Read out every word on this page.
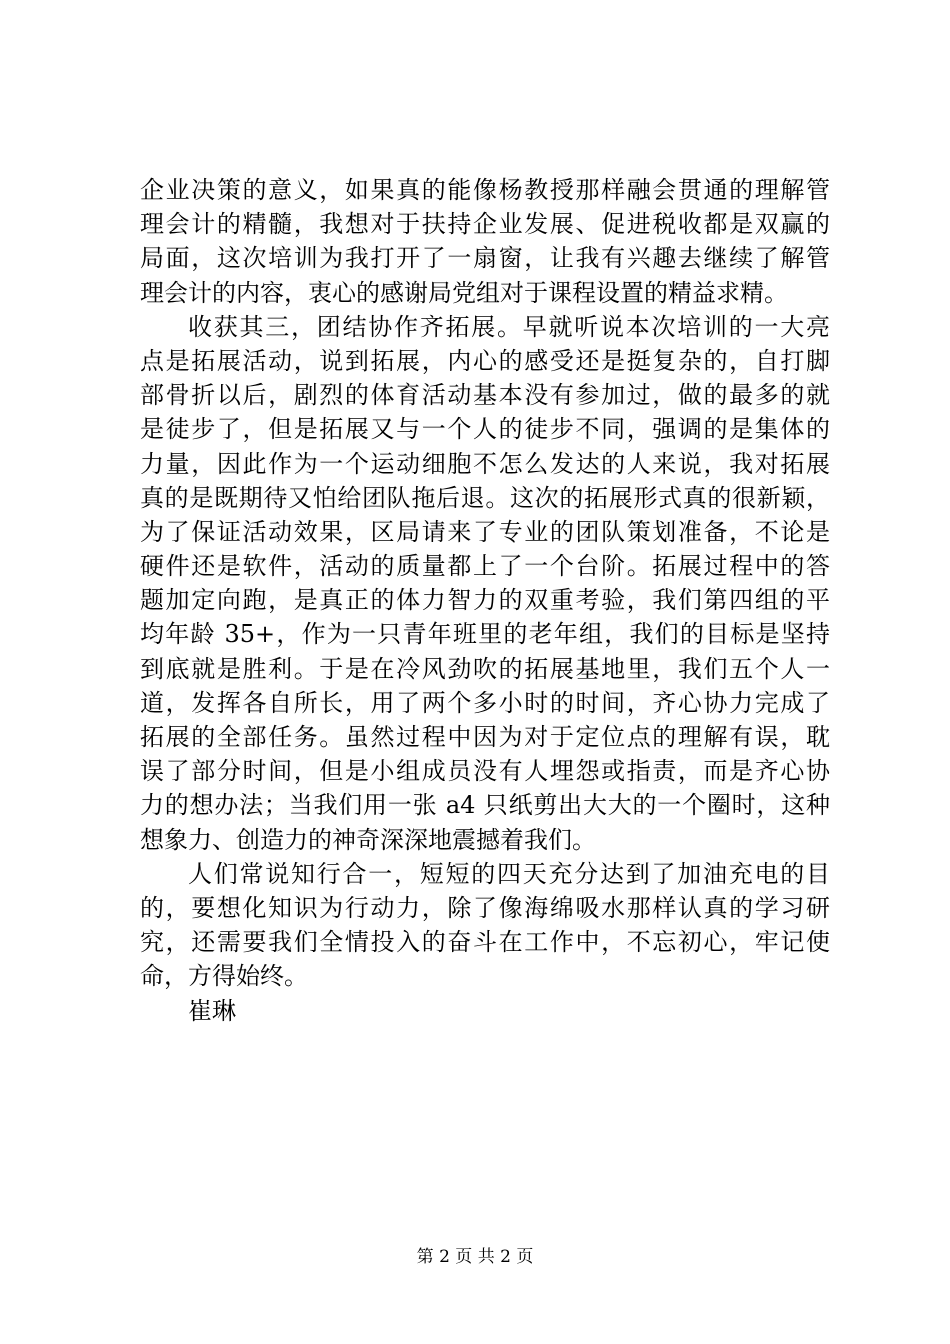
企业决策的意义，如果真的能像杨教授那样融会贯通的理解管
理会计的精髓，我想对于扶持企业发展、促进税收都是双赢的
局面，这次培训为我打开了一扇窗，让我有兴趣去继续了解管
理会计的内容，衷心的感谢局党组对于课程设置的精益求精。
收获其三，团结协作齐拓展。早就听说本次培训的一大亮
点是拓展活动，说到拓展，内心的感受还是挺复杂的，自打脚
部骨折以后，剧烈的体育活动基本没有参加过，做的最多的就
是徒步了，但是拓展又与一个人的徒步不同，强调的是集体的
力量，因此作为一个运动细胞不怎么发达的人来说，我对拓展
真的是既期待又怕给团队拖后退。这次的拓展形式真的很新颖，
为了保证活动效果，区局请来了专业的团队策划准备，不论是
硬件还是软件，活动的质量都上了一个台阶。拓展过程中的答
题加定向跑，是真正的体力智力的双重考验，我们第四组的平
均年龄 35+，作为一只青年班里的老年组，我们的目标是坚持
到底就是胜利。于是在冷风劲吹的拓展基地里，我们五个人一
道，发挥各自所长，用了两个多小时的时间，齐心协力完成了
拓展的全部任务。虽然过程中因为对于定位点的理解有误，耽
误了部分时间，但是小组成员没有人埋怨或指责，而是齐心协
力的想办法；当我们用一张 a4 只纸剪出大大的一个圈时，这种
想象力、创造力的神奇深深地震撼着我们。
人们常说知行合一，短短的四天充分达到了加油充电的目
的，要想化知识为行动力，除了像海绵吸水那样认真的学习研
究，还需要我们全情投入的奋斗在工作中，不忘初心，牢记使
命，方得始终。
崔琳
第 2 页 共 2 页
